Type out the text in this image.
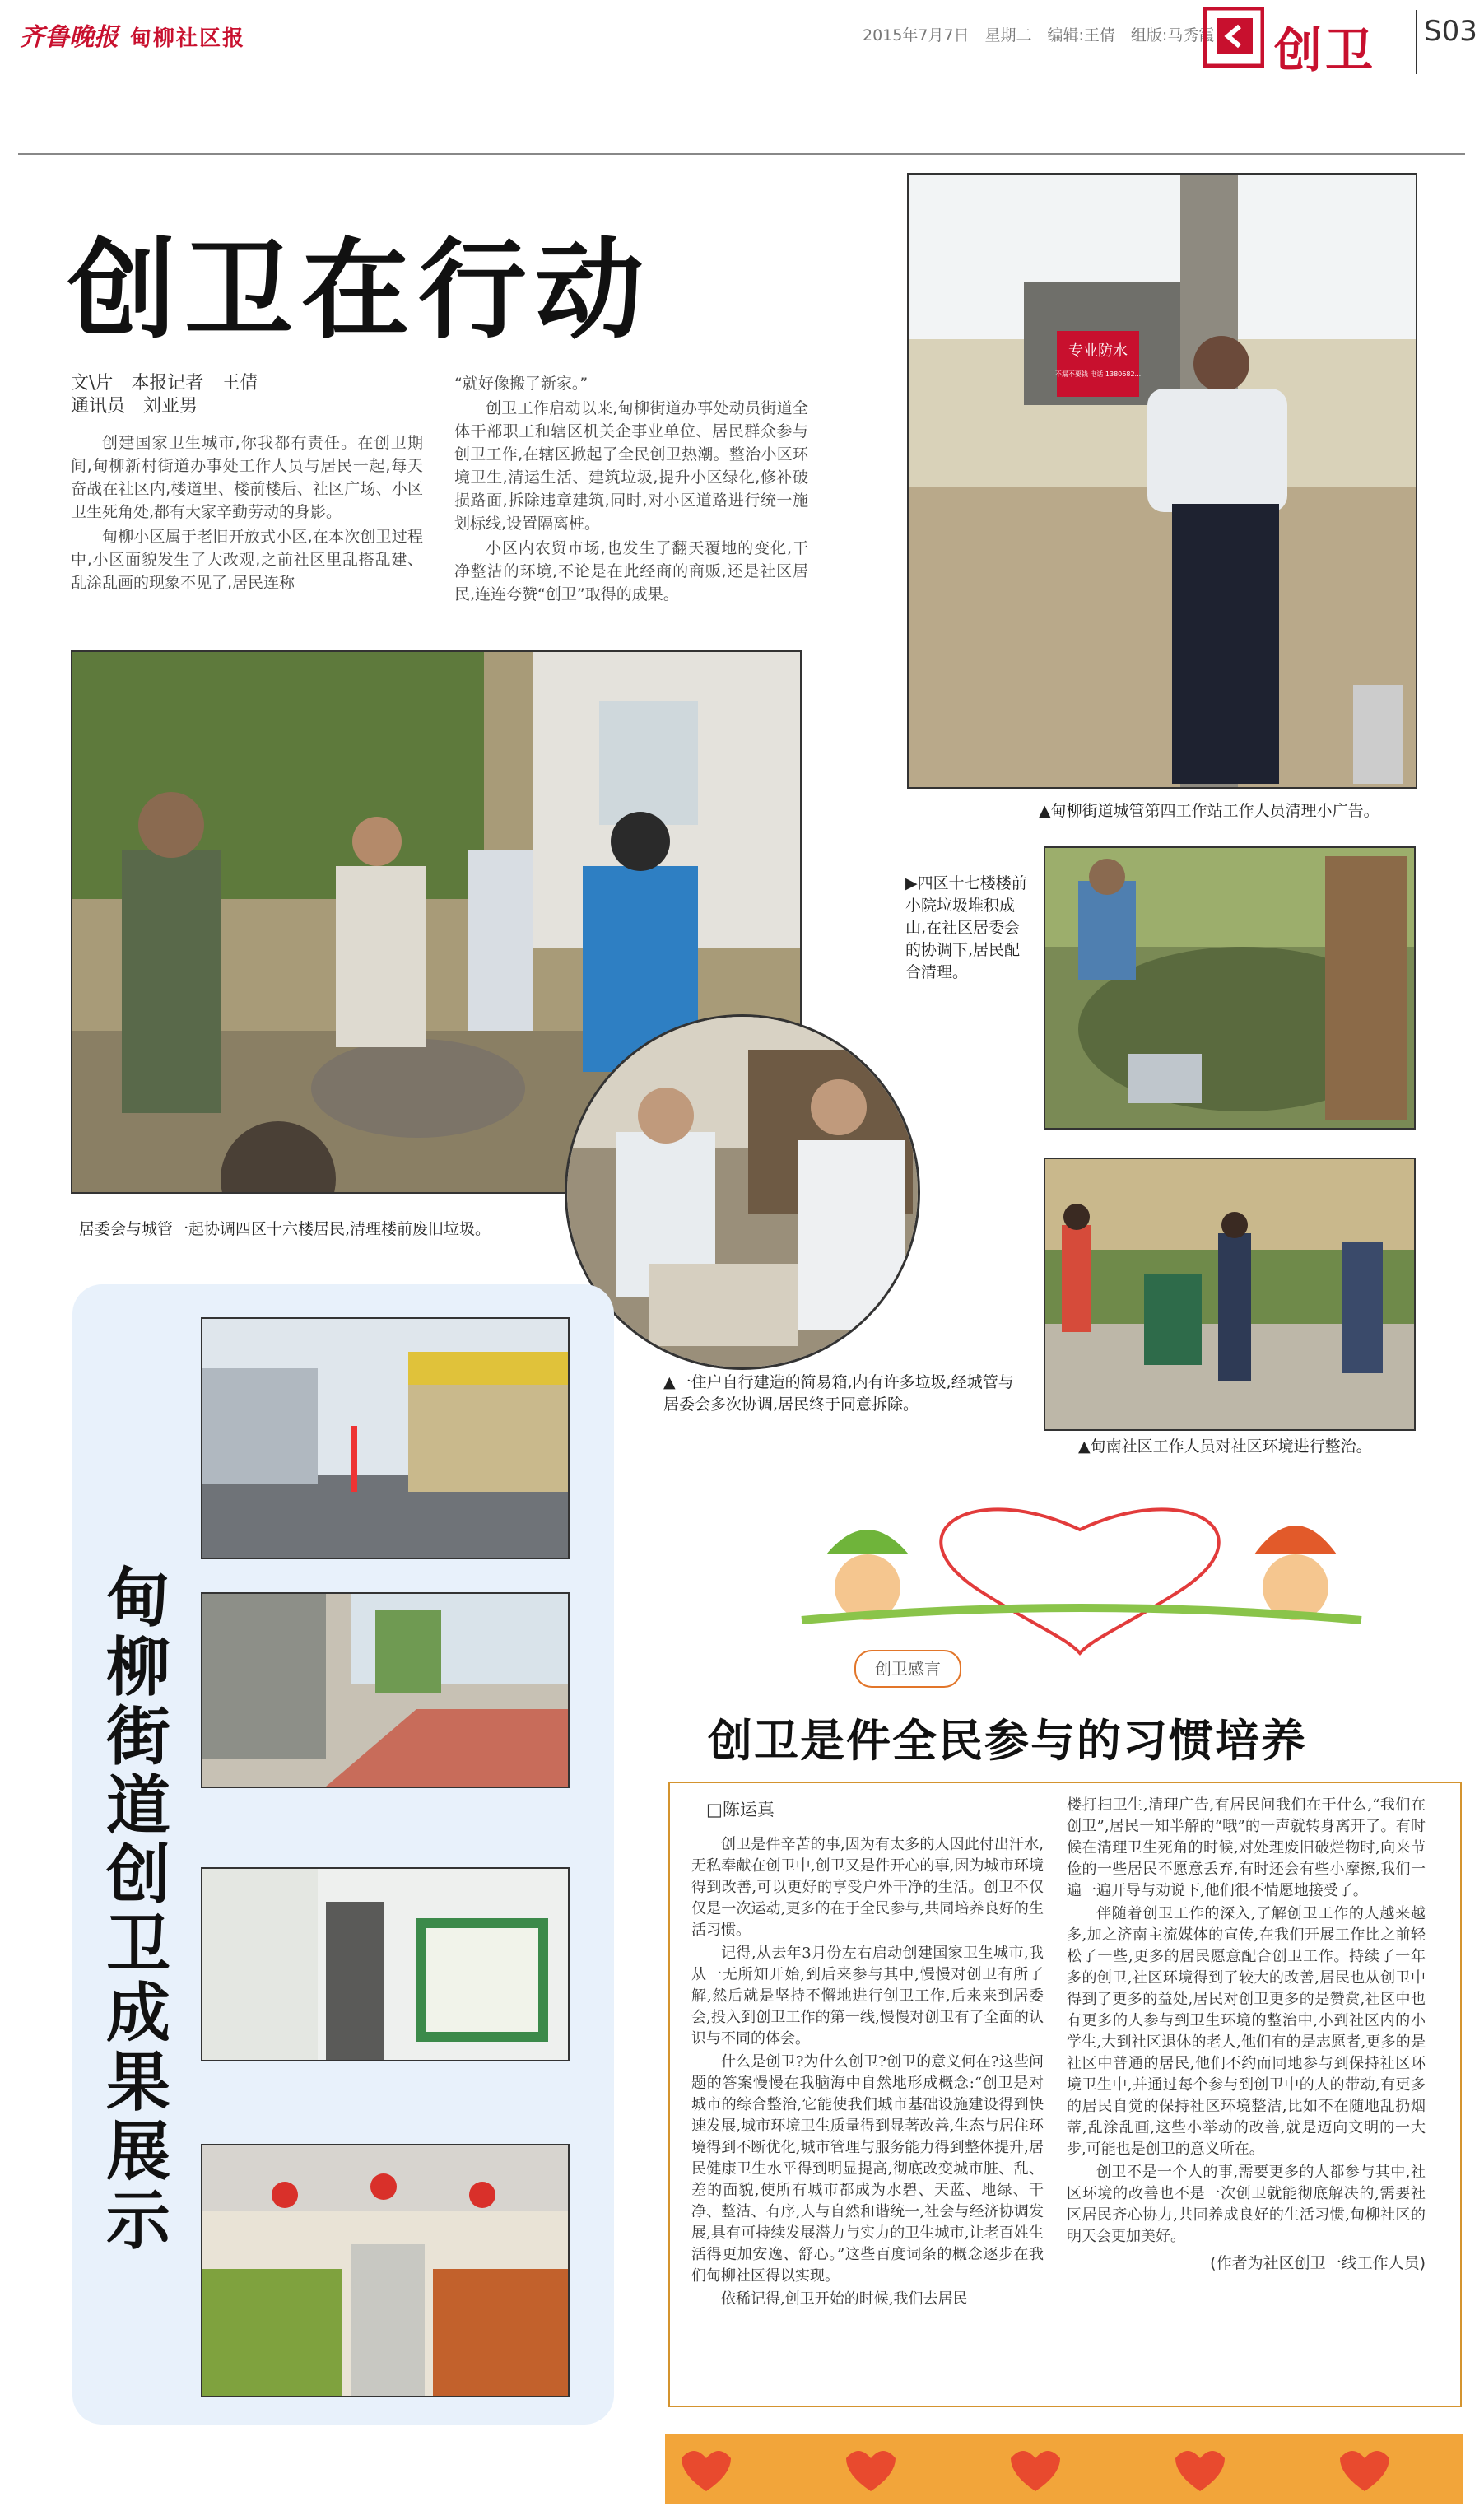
齐鲁晚报 甸柳社区报	2015年7月7日　星期二　编辑:王倩　组版:马秀霞 创卫 S03
创卫在行动
文\片　本报记者　王倩
通讯员　刘亚男

创建国家卫生城市,你我都有责任。在创卫期间,甸柳新村街道办事处工作人员与居民一起,每天奋战在社区内,楼道里、楼前楼后、社区广场、小区卫生死角处,都有大家辛勤劳动的身影。

甸柳小区属于老旧开放式小区,在本次创卫过程中,小区面貌发生了大改观,之前社区里乱搭乱建、乱涂乱画的现象不见了,居民连称

“就好像搬了新家。”

创卫工作启动以来,甸柳街道办事处动员街道全体干部职工和辖区机关企事业单位、居民群众参与创卫工作,在辖区掀起了全民创卫热潮。整治小区环境卫生,清运生活、建筑垃圾,提升小区绿化,修补破损路面,拆除违章建筑,同时,对小区道路进行统一施划标线,设置隔离桩。

小区内农贸市场,也发生了翻天覆地的变化,干净整洁的环境,不论是在此经商的商贩,还是社区居民,连连夸赞“创卫”取得的成果。

专业防水
不漏不要钱 电话 1380682...
▲甸柳街道城管第四工作站工作人员清理小广告。
居委会与城管一起协调四区十六楼居民,清理楼前废旧垃圾。
▶四区十七楼楼前小院垃圾堆积成山,在社区居委会的协调下,居民配合清理。
▲甸南社区工作人员对社区环境进行整治。
▲一住户自行建造的简易箱,内有许多垃圾,经城管与居委会多次协调,居民终于同意拆除。
甸
柳
街
道
创
卫
成
果
展
示
创卫感言
创卫是件全民参与的习惯培养
□陈运真

创卫是件辛苦的事,因为有太多的人因此付出汗水,无私奉献在创卫中,创卫又是件开心的事,因为城市环境得到改善,可以更好的享受户外干净的生活。创卫不仅仅是一次运动,更多的在于全民参与,共同培养良好的生活习惯。

记得,从去年3月份左右启动创建国家卫生城市,我从一无所知开始,到后来参与其中,慢慢对创卫有所了解,然后就是坚持不懈地进行创卫工作,后来来到居委会,投入到创卫工作的第一线,慢慢对创卫有了全面的认识与不同的体会。

什么是创卫?为什么创卫?创卫的意义何在?这些问题的答案慢慢在我脑海中自然地形成概念:“创卫是对城市的综合整治,它能使我们城市基础设施建设得到快速发展,城市环境卫生质量得到显著改善,生态与居住环境得到不断优化,城市管理与服务能力得到整体提升,居民健康卫生水平得到明显提高,彻底改变城市脏、乱、差的面貌,使所有城市都成为水碧、天蓝、地绿、干净、整洁、有序,人与自然和谐统一,社会与经济协调发展,具有可持续发展潜力与实力的卫生城市,让老百姓生活得更加安逸、舒心。”这些百度词条的概念逐步在我们甸柳社区得以实现。

依稀记得,创卫开始的时候,我们去居民

楼打扫卫生,清理广告,有居民问我们在干什么,“我们在创卫”,居民一知半解的“哦”的一声就转身离开了。有时候在清理卫生死角的时候,对处理废旧破烂物时,向来节俭的一些居民不愿意丢弃,有时还会有些小摩擦,我们一遍一遍开导与劝说下,他们很不情愿地接受了。

伴随着创卫工作的深入,了解创卫工作的人越来越多,加之济南主流媒体的宣传,在我们开展工作比之前轻松了一些,更多的居民愿意配合创卫工作。持续了一年多的创卫,社区环境得到了较大的改善,居民也从创卫中得到了更多的益处,居民对创卫更多的是赞赏,社区中也有更多的人参与到卫生环境的整治中,小到社区内的小学生,大到社区退休的老人,他们有的是志愿者,更多的是社区中普通的居民,他们不约而同地参与到保持社区环境卫生中,并通过每个参与到创卫中的人的带动,有更多的居民自觉的保持社区环境整洁,比如不在随地乱扔烟蒂,乱涂乱画,这些小举动的改善,就是迈向文明的一大步,可能也是创卫的意义所在。

创卫不是一个人的事,需要更多的人都参与其中,社区环境的改善也不是一次创卫就能彻底解决的,需要社区居民齐心协力,共同养成良好的生活习惯,甸柳社区的明天会更加美好。

(作者为社区创卫一线工作人员)
